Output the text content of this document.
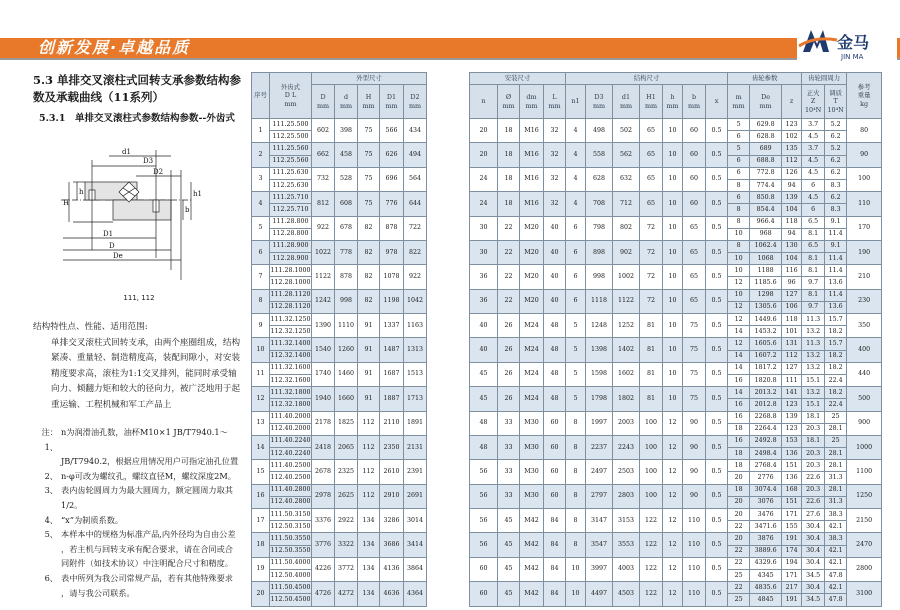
创新发展·卓越品质	金马
JIN MA
5.3 单排交叉滚柱式回转支承参数结构参数及承载曲线（11系列）
5.3.1　单排交叉滚柱式参数结构参数--外齿式
d1
D3
D2
H
h
b
h1
D1
D
De
111, 112
结构特性点、性能、适用范围:
单排交叉滚柱式回转支承，由两个座圈组成，结构紧凑、重量轻、制造精度高，装配间隙小，对安装精度要求高，滚柱为1:1交叉排列，能同时承受轴向力、倾翻力矩和较大的径向力，被广泛地用于起重运输、工程机械和军工产品上
注：1、
n为润滑油孔数，油杯M10×1 JB/T7940.1～
JB/T7940.2，根据应用情况用户可指定油孔位置
2、 n-φ可改为螺纹孔，螺纹直径M，螺纹深度2M。
3、 表内齿轮圆周力为最大圆周力，额定圆周力取其
1/2。
4、 “x”为制质系数。
5、 本样本中的规格为标准产品,内外径均为自由公差
，若主机与回转支承有配合要求，请在合同或合
同附件（如技术协议）中注明配合尺寸和精度。
6、 表中所列为我公司常规产品，若有其他特殊要求
，请与我公司联系。
序号	外齿式
D L
mm	外型尺寸				
		D
mm	d
mm	H
mm	D1
mm	D2
mm
1	111.25.500	602	398	75	566	434
	112.25.500					
2	111.25.560	662	458	75	626	494
	112.25.560					
3	111.25.630	732	528	75	696	564
	112.25.630					
4	111.25.710	812	608	75	776	644
	112.25.710					
5	111.28.800	922	678	82	878	722
	112.28.800					
6	111.28.900	1022	778	82	978	822
	112.28.900					
7	111.28.1000	1122	878	82	1078	922
	112.28.1000					
8	111.28.1120	1242	998	82	1198	1042
	112.28.1120					
9	111.32.1250	1390	1110	91	1337	1163
	112.32.1250					
10	111.32.1400	1540	1260	91	1487	1313
	112.32.1400					
11	111.32.1600	1740	1460	91	1687	1513
	112.32.1600					
12	111.32.1800	1940	1660	91	1887	1713
	112.32.1800					
13	111.40.2000	2178	1825	112	2110	1891
	112.40.2000					
14	111.40.2240	2418	2065	112	2350	2131
	112.40.2240					
15	111.40.2500	2678	2325	112	2610	2391
	112.40.2500					
16	111.40.2800	2978	2625	112	2910	2691
	112.40.2800					
17	111.50.3150	3376	2922	134	3286	3014
	112.50.3150					
18	111.50.3550	3776	3322	134	3686	3414
	112.50.3550					
19	111.50.4000	4226	3772	134	4136	3864
	112.50.4000					
20	111.50.4500	4726	4272	134	4636	4364
	112.50.4500					
安装尺寸				结构尺寸							齿轮参数			齿轮圆周力		参考
重量
kg
n	Ø
mm	dm
mm	L
mm	n1	D3
mm	d1
mm	H1
mm	h
mm	b
mm	x	m
mm	De
mm	z	正火
Z
10⁴N	调质
T
10⁴N	
20	18	M16	32	4	498	502	65	10	60	0.5	5	629.8	123	3.7	5.2	80
											6	628.8	102	4.5	6.2	
20	18	M16	32	4	558	562	65	10	60	0.5	5	689	135	3.7	5.2	90
											6	688.8	112	4.5	6.2	
24	18	M16	32	4	628	632	65	10	60	0.5	6	772.8	126	4.5	6.2	100
											8	774.4	94	6	8.3	
24	18	M16	32	4	708	712	65	10	60	0.5	6	850.8	139	4.5	6.2	110
											8	854.4	104	6	8.3	
30	22	M20	40	6	798	802	72	10	65	0.5	8	966.4	118	6.5	9.1	170
											10	968	94	8.1	11.4	
30	22	M20	40	6	898	902	72	10	65	0.5	8	1062.4	130	6.5	9.1	190
											10	1068	104	8.1	11.4	
36	22	M20	40	6	998	1002	72	10	65	0.5	10	1188	116	8.1	11.4	210
											12	1185.6	96	9.7	13.6	
36	22	M20	40	6	1118	1122	72	10	65	0.5	10	1298	127	8.1	11.4	230
											12	1305.6	106	9.7	13.6	
40	26	M24	48	5	1248	1252	81	10	75	0.5	12	1449.6	118	11.3	15.7	350
											14	1453.2	101	13.2	18.2	
40	26	M24	48	5	1398	1402	81	10	75	0.5	12	1605.6	131	11.3	15.7	400
											14	1607.2	112	13.2	18.2	
45	26	M24	48	5	1598	1602	81	10	75	0.5	14	1817.2	127	13.2	18.2	440
											16	1820.8	111	15.1	22.4	
45	26	M24	48	5	1798	1802	81	10	75	0.5	14	2013.2	141	13.2	18.2	500
											16	2012.8	123	15.1	22.4	
48	33	M30	60	8	1997	2003	100	12	90	0.5	16	2268.8	139	18.1	25	900
											18	2264.4	123	20.3	28.1	
48	33	M30	60	8	2237	2243	100	12	90	0.5	16	2492.8	153	18.1	25	1000
											18	2498.4	136	20.3	28.1	
56	33	M30	60	8	2497	2503	100	12	90	0.5	18	2768.4	151	20.3	28.1	1100
											20	2776	136	22.6	31.3	
56	33	M30	60	8	2797	2803	100	12	90	0.5	18	3074.4	168	20.3	28.1	1250
											20	3076	151	22.6	31.3	
56	45	M42	84	8	3147	3153	122	12	110	0.5	20	3476	171	27.6	38.3	2150
											22	3471.6	155	30.4	42.1	
56	45	M42	84	8	3547	3553	122	12	110	0.5	20	3876	191	30.4	38.3	2470
											22	3889.6	174	30.4	42.1	
60	45	M42	84	10	3997	4003	122	12	110	0.5	22	4329.6	194	30.4	42.1	2800
											25	4345	171	34.5	47.8	
60	45	M42	84	10	4497	4503	122	12	110	0.5	22	4835.6	217	30.4	42.1	3100
											25	4845	191	34.5	47.8	
